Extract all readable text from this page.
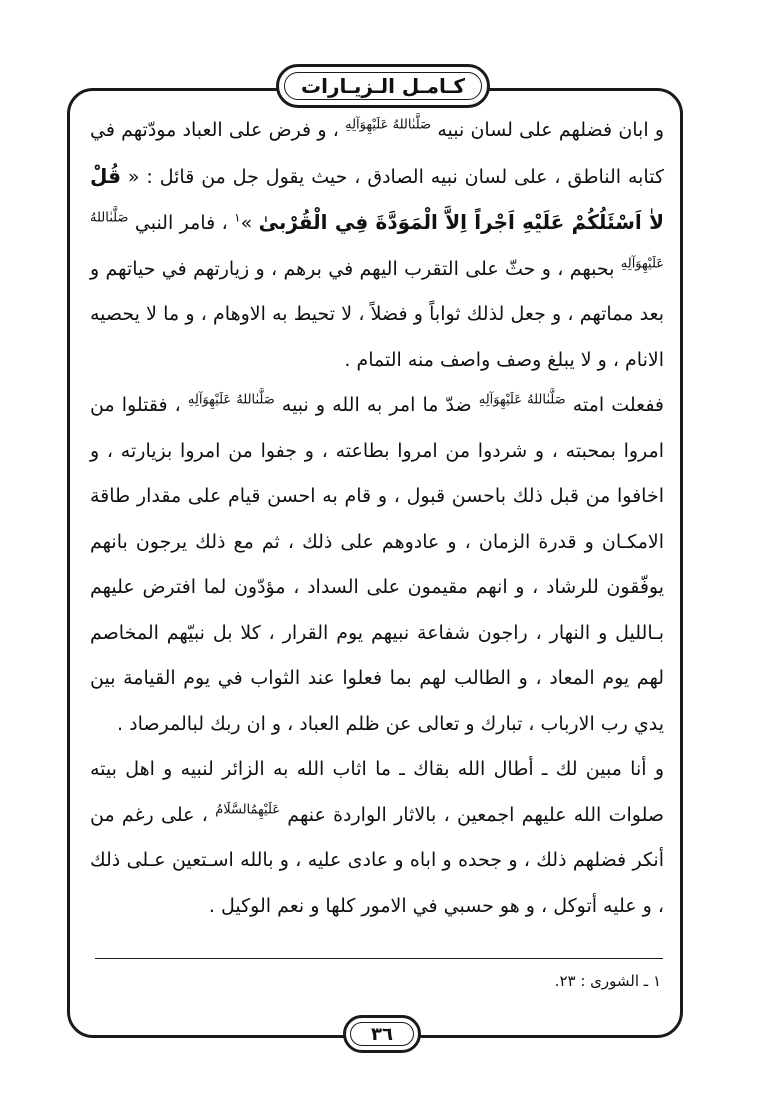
كـامـل الـزيـارات

و ابان فضلهم على لسان نبيه $^{صَلَّىٰاللهُ عَلَيْهِوَآلِهِ}$ ، و فرض على العباد مودّتهم في كتابه الناطق ، على لسان نبيه الصادق ، حيث يقول جل من قائل : « قُلْ لاٰ اَسْئَلُكُمْ عَلَيْهِ اَجْراً اِلاَّ الْمَوَدَّةَ فِي الْقُرْبىٰ »$^١$ ، فامر النبي $^{صَلَّىٰاللهُ عَلَيْهِوَآلِهِ}$ بحبهم ، و حثّ على التقرب اليهم في برهم ، و زيارتهم في حياتهم و بعد مماتهم ، و جعل لذلك ثواباً و فضلاً ، لا تحيط به الاوهام ، و ما لا يحصيه الانام ، و لا يبلغ وصف واصف منه التمام .

ففعلت امته $^{صَلَّىٰاللهُ عَلَيْهِوَآلِهِ}$ ضدّ ما امر به الله و نبيه $^{صَلَّىٰاللهُ عَلَيْهِوَآلِهِ}$ ، فقتلوا من امروا بمحبته ، و شردوا من امروا بطاعته ، و جفوا من امروا بزيارته ، و اخافوا من قبل ذلك باحسن قبول ، و قام به احسن قيام على مقدار طاقة الامكـان و قدرة الزمان ، و عادوهم على ذلك ، ثم مع ذلك يرجون بانهم يوفّقون للرشاد ، و انهم مقيمون على السداد ، مؤدّون لما افترض عليهم بـالليل و النهار ، راجون شفاعة نبيهم يوم القرار ، كلا بل نبيّهم المخاصم لهم يوم المعاد ، و الطالب لهم بما فعلوا عند الثواب في يوم القيامة بين يدي رب الارباب ، تبارك و تعالى عن ظلم العباد ، و ان ربك لبالمرصاد .

و أنا مبين لك ـ أطال الله بقاك ـ ما اثاب الله به الزائر لنبيه و اهل بيته صلوات الله عليهم اجمعين ، بالاثار الواردة عنهم $^{عَلَيْهِمُالسَّلَامُ}$ ، على رغم من أنكر فضلهم ذلك ، و جحده و اباه و عادى عليه ، و بالله اسـتعين عـلى ذلك ، و عليه أتوكل ، و هو حسبي في الامور كلها و نعم الوكيل .

١ ـ الشورى : ٢٣.
٣٦
